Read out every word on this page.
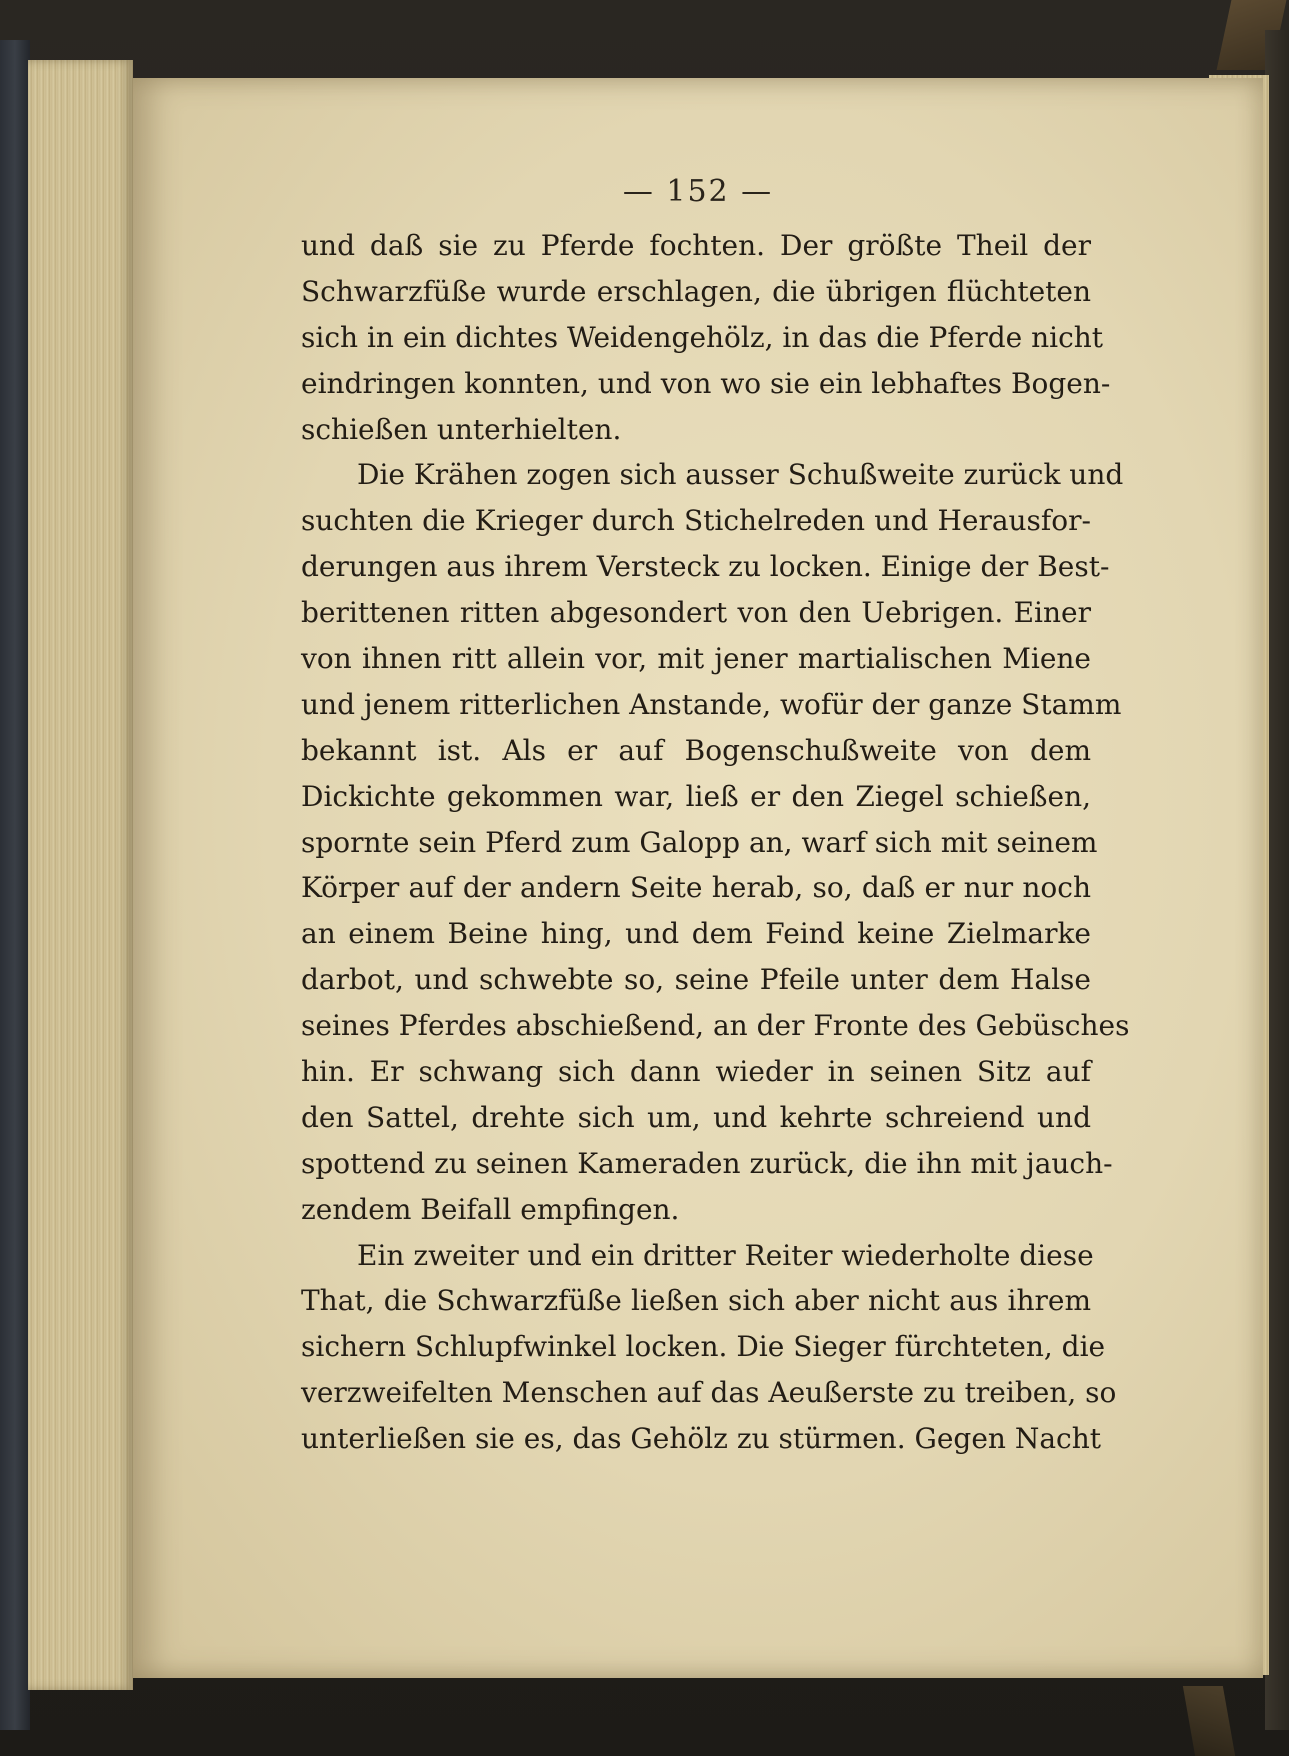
— 152 —
und daß sie zu Pferde fochten. Der größte Theil der
Schwarzfüße wurde erschlagen, die übrigen flüchteten
sich in ein dichtes Weidengehölz, in das die Pferde nicht
eindringen konnten, und von wo sie ein lebhaftes Bogen-
schießen unterhielten.
Die Krähen zogen sich ausser Schußweite zurück und
suchten die Krieger durch Stichelreden und Herausfor-
derungen aus ihrem Versteck zu locken. Einige der Best-
berittenen ritten abgesondert von den Uebrigen. Einer
von ihnen ritt allein vor, mit jener martialischen Miene
und jenem ritterlichen Anstande, wofür der ganze Stamm
bekannt ist. Als er auf Bogenschußweite von dem
Dickichte gekommen war, ließ er den Ziegel schießen,
spornte sein Pferd zum Galopp an, warf sich mit seinem
Körper auf der andern Seite herab, so, daß er nur noch
an einem Beine hing, und dem Feind keine Zielmarke
darbot, und schwebte so, seine Pfeile unter dem Halse
seines Pferdes abschießend, an der Fronte des Gebüsches
hin. Er schwang sich dann wieder in seinen Sitz auf
den Sattel, drehte sich um, und kehrte schreiend und
spottend zu seinen Kameraden zurück, die ihn mit jauch-
zendem Beifall empfingen.
Ein zweiter und ein dritter Reiter wiederholte diese
That, die Schwarzfüße ließen sich aber nicht aus ihrem
sichern Schlupfwinkel locken. Die Sieger fürchteten, die
verzweifelten Menschen auf das Aeußerste zu treiben, so
unterließen sie es, das Gehölz zu stürmen. Gegen Nacht
